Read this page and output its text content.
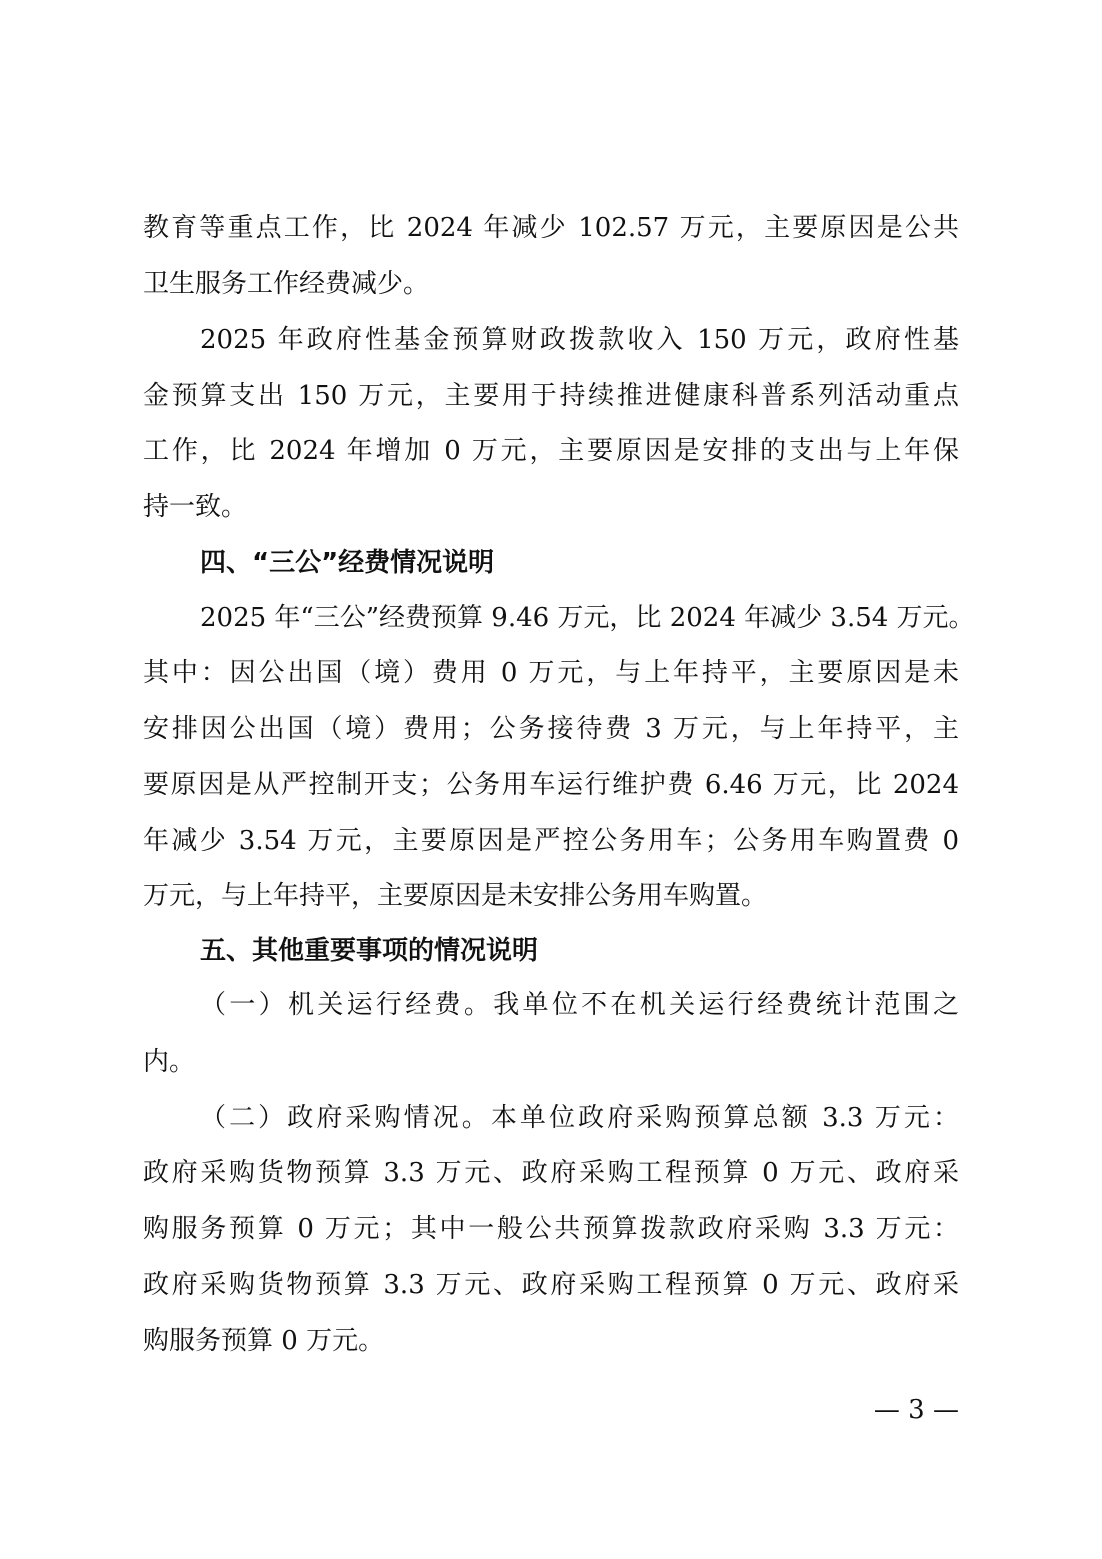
教育等重点工作，比 2024 年减少 102.57 万元，主要原因是公共
卫生服务工作经费减少。
2025 年政府性基金预算财政拨款收入 150 万元，政府性基
金预算支出 150 万元，主要用于持续推进健康科普系列活动重点
工作，比 2024 年增加 0 万元，主要原因是安排的支出与上年保
持一致。
四、“三公”经费情况说明
2025 年“三公”经费预算 9.46 万元，比 2024 年减少 3.54 万元。
其中：因公出国（境）费用 0 万元，与上年持平，主要原因是未
安排因公出国（境）费用；公务接待费 3 万元，与上年持平，主
要原因是从严控制开支；公务用车运行维护费 6.46 万元，比 2024
年减少 3.54 万元，主要原因是严控公务用车；公务用车购置费 0
万元，与上年持平，主要原因是未安排公务用车购置。
五、其他重要事项的情况说明
（一）机关运行经费。我单位不在机关运行经费统计范围之
内。
（二）政府采购情况。本单位政府采购预算总额 3.3 万元：
政府采购货物预算 3.3 万元、政府采购工程预算 0 万元、政府采
购服务预算 0 万元；其中一般公共预算拨款政府采购 3.3 万元：
政府采购货物预算 3.3 万元、政府采购工程预算 0 万元、政府采
购服务预算 0 万元。
— 3 —
